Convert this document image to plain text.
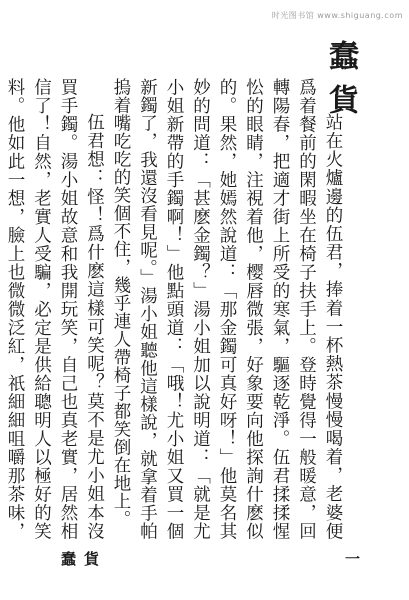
时光图书馆 www.shiguang.com
蠢貨

站在火爐邊的伍君，捧着一杯熱茶慢慢喝着，老婆便爲着餐前的閑暇坐在椅子扶手上。登時覺得一般暖意，回轉陽春，把適才街上所受的寒氣，驅逐乾淨。伍君揉揉惺忪的眼睛，注視着他，樱唇微張，好象要向他探詢什麽似的。果然，她嫣然說道：「那金鐲可真好呀！」他莫名其妙的問道：「甚麽金鐲？」湯小姐加以說明道：「就是尤小姐新帶的手鐲啊！」他點頭道：「哦！尤小姐又買一個新鐲了，我還沒看見呢。」湯小姐聽他這樣說，就拿着手帕摀着嘴吃吃的笑個不住，幾乎連人帶椅子都笑倒在地上。

伍君想：怪！爲什麽這樣可笑呢？莫不是尤小姐本沒買手鐲。湯小姐故意和我開玩笑，自己也真老實，居然相信了！自然，老實人受騙，必定是供給聰明人以極好的笑料。他如此一想，臉上也微微泛紅，祇細細咀嚼那茶味，

蠢貨	一
